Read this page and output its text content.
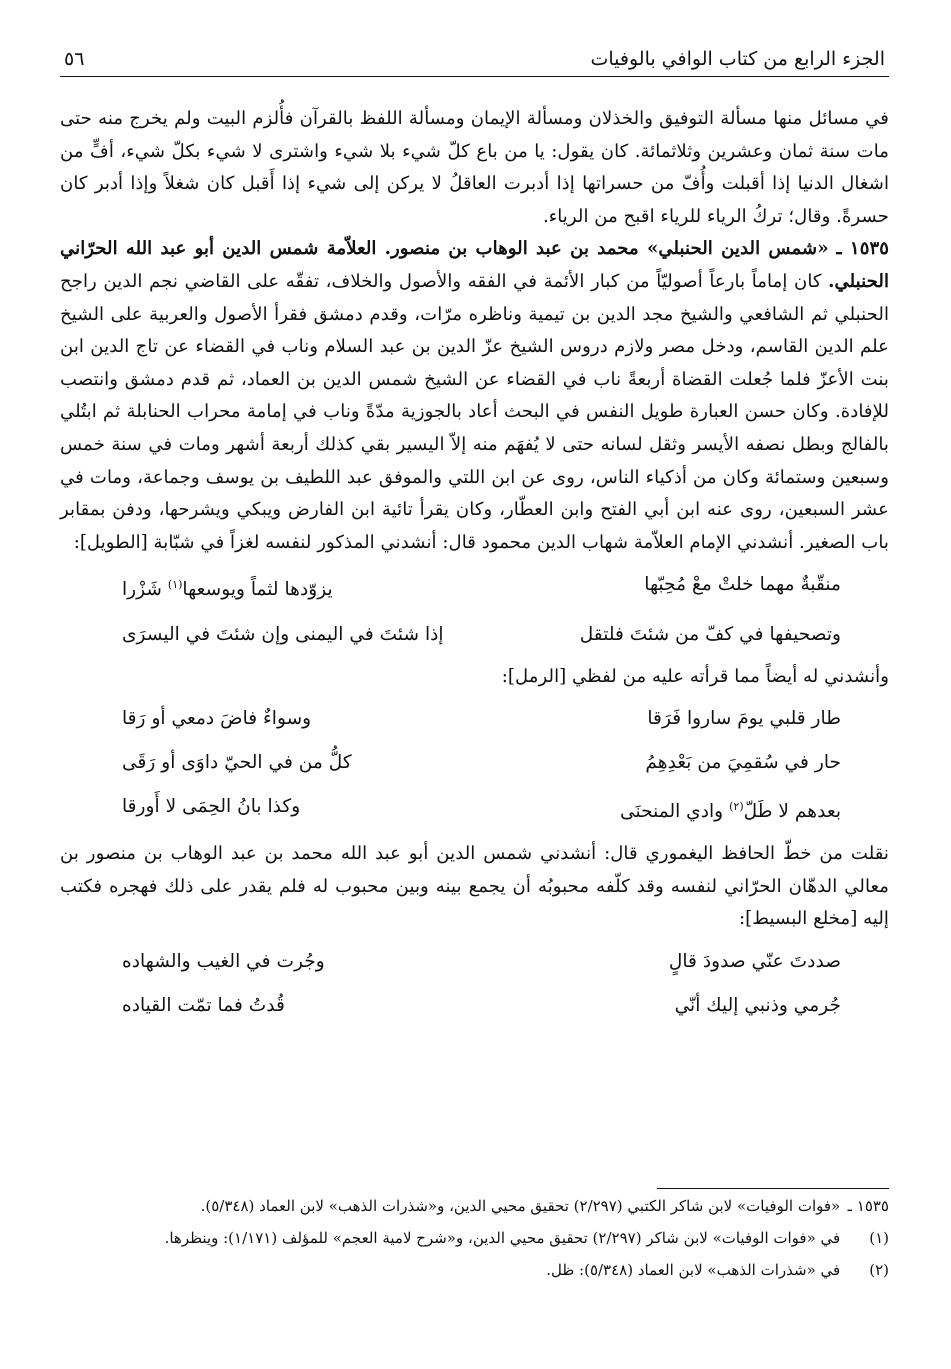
الجزء الرابع من كتاب الوافي بالوفيات
٥٦

في مسائل منها مسألة التوفيق والخذلان ومسألة الإيمان ومسألة اللفظ بالقرآن فأُلزم البيت ولم يخرج منه حتى مات سنة ثمان وعشرين وثلاثمائة. كان يقول: يا من باع كلّ شيء بلا شيء واشترى لا شيء بكلّ شيء، أفٍّ من اشغال الدنيا إذا أقبلت وأُفّ من حسراتها إذا أدبرت العاقلُ لا يركن إلى شيء إذا أَقبل كان شغلاً وإذا أدبر كان حسرةً. وقال؛ تركُ الرياء للرياء اقبح من الرياء.

١٥٣٥ ـ «شمس الدين الحنبلي» محمد بن عبد الوهاب بن منصور. العلاّمة شمس الدين أبو عبد الله الحرّاني الحنبلي. كان إماماً بارعاً أصوليّاً من كبار الأئمة في الفقه والأصول والخلاف، تفقّه على القاضي نجم الدين راجح الحنبلي ثم الشافعي والشيخ مجد الدين بن تيمية وناظره مرّات، وقدم دمشق فقرأ الأصول والعربية على الشيخ علم الدين القاسم، ودخل مصر ولازم دروس الشيخ عزّ الدين بن عبد السلام وناب في القضاء عن تاج الدين ابن بنت الأعزّ فلما جُعلت القضاة أربعةً ناب في القضاء عن الشيخ شمس الدين بن العماد، ثم قدم دمشق وانتصب للإفادة. وكان حسن العبارة طويل النفس في البحث أعاد بالجوزية مدّةً وناب في إمامة محراب الحنابلة ثم ابتُلي بالفالج وبطل نصفه الأيسر وثقل لسانه حتى لا يُفهَم منه إلاّ اليسير بقي كذلك أربعة أشهر ومات في سنة خمس وسبعين وستمائة وكان من أذكياء الناس، روى عن ابن اللتي والموفق عبد اللطيف بن يوسف وجماعة، ومات في عشر السبعين، روى عنه ابن أبي الفتح وابن العطّار، وكان يقرأ تائية ابن الفارض ويبكي ويشرحها، ودفن بمقابر باب الصغير. أنشدني الإمام العلاّمة شهاب الدين محمود قال: أنشدني المذكور لنفسه لغزاً في شبّابة [الطويل]:

منقّبةٌ مهما خلتْ معْ مُحِبّها
يزوّدها لثماً ويوسعها$^{(١)}$ شَزْرا
وتصحيفها في كفّ من شئتَ فلتقل
إذا شئتَ في اليمنى وإن شئتَ في اليسرَى

وأنشدني له أيضاً مما قرأته عليه من لفظي [الرمل]:

طار قلبي يومَ ساروا فَرَقا
وسواءٌ فاضَ دمعي أو رَقا
حار في سُقمِيَ من بَعْدِهِمُ
كلُّ من في الحيّ داوَى أو رَقَى
بعدهم لا طَلّ$^{(٢)}$ وادي المنحنَى
وكذا بانُ الحِمَى لا أَورقا

نقلت من خطّ الحافظ اليغموري قال: أنشدني شمس الدين أبو عبد الله محمد بن عبد الوهاب بن منصور بن معالي الدهّان الحرّاني لنفسه وقد كلّفه محبوبُه أن يجمع بينه وبين محبوب له فلم يقدر على ذلك فهجره فكتب إليه [مخلع البسيط]:

صددتَ عنّي صدودَ قالٍ
وجُرت في الغيب والشهاده
جُرمي وذنبي إليك أنّي
قُدتُ فما تمّت القياده
١٥٣٥ ـ «فوات الوفيات» لابن شاكر الكتبي (٢/٢٩٧) تحقيق محيي الدين، و«شذرات الذهب» لابن العماد (٥/٣٤٨).
(١) في «فوات الوفيات» لابن شاكر (٢/٢٩٧) تحقيق محيي الدين، و«شرح لامية العجم» للمؤلف (١/١٧١): وينظرها.
(٢) في «شذرات الذهب» لابن العماد (٥/٣٤٨): ظل.
